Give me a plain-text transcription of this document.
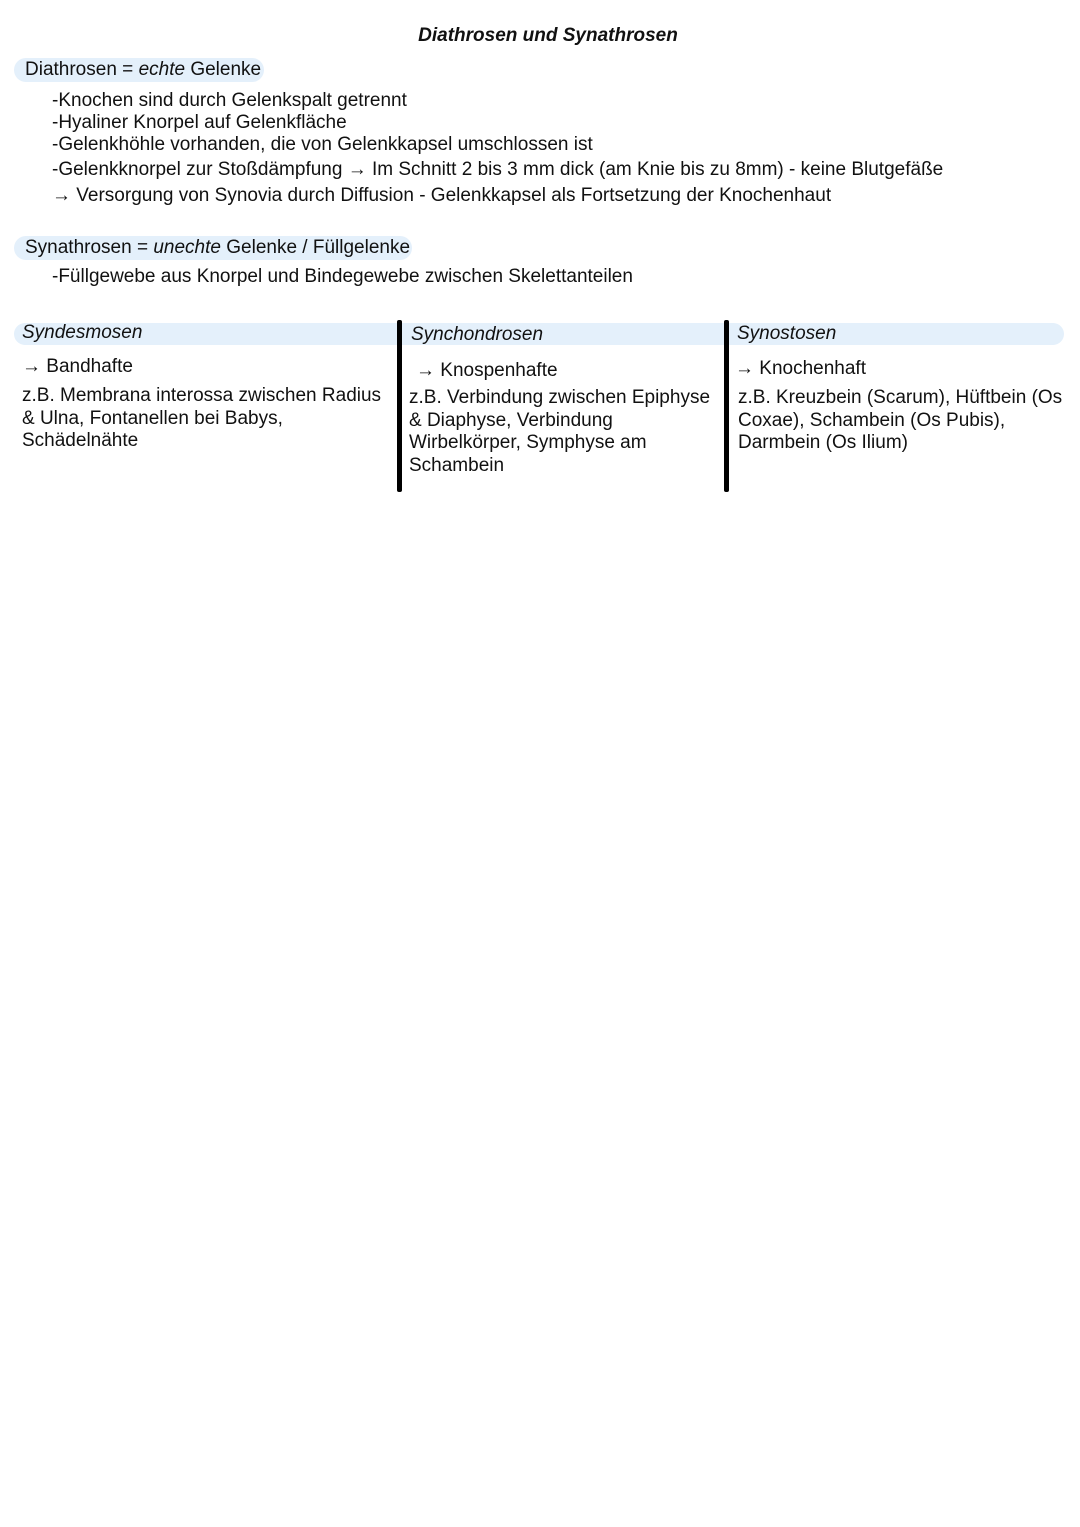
Diathrosen und Synathrosen
Diathrosen = echte Gelenke
-Knochen sind durch Gelenkspalt getrennt
-Hyaliner Knorpel auf Gelenkfläche
-Gelenkhöhle vorhanden, die von Gelenkkapsel umschlossen ist
-Gelenkknorpel zur Stoßdämpfung → Im Schnitt 2 bis 3 mm dick (am Knie bis zu 8mm) - keine Blutgefäße
→ Versorgung von Synovia durch Diffusion - Gelenkkapsel als Fortsetzung der Knochenhaut
Synathrosen = unechte Gelenke / Füllgelenke
-Füllgewebe aus Knorpel und Bindegewebe zwischen Skelettanteilen
Syndesmosen
→ Bandhafte
z.B. Membrana interossa zwischen Radius & Ulna, Fontanellen bei Babys, Schädelnähte
Synchondrosen
→ Knospenhafte
z.B. Verbindung zwischen Epiphyse & Diaphyse, Verbindung Wirbelkörper, Symphyse am Schambein
Synostosen
→ Knochenhaft
z.B. Kreuzbein (Scarum), Hüftbein (Os Coxae), Schambein (Os Pubis), Darmbein (Os Ilium)
